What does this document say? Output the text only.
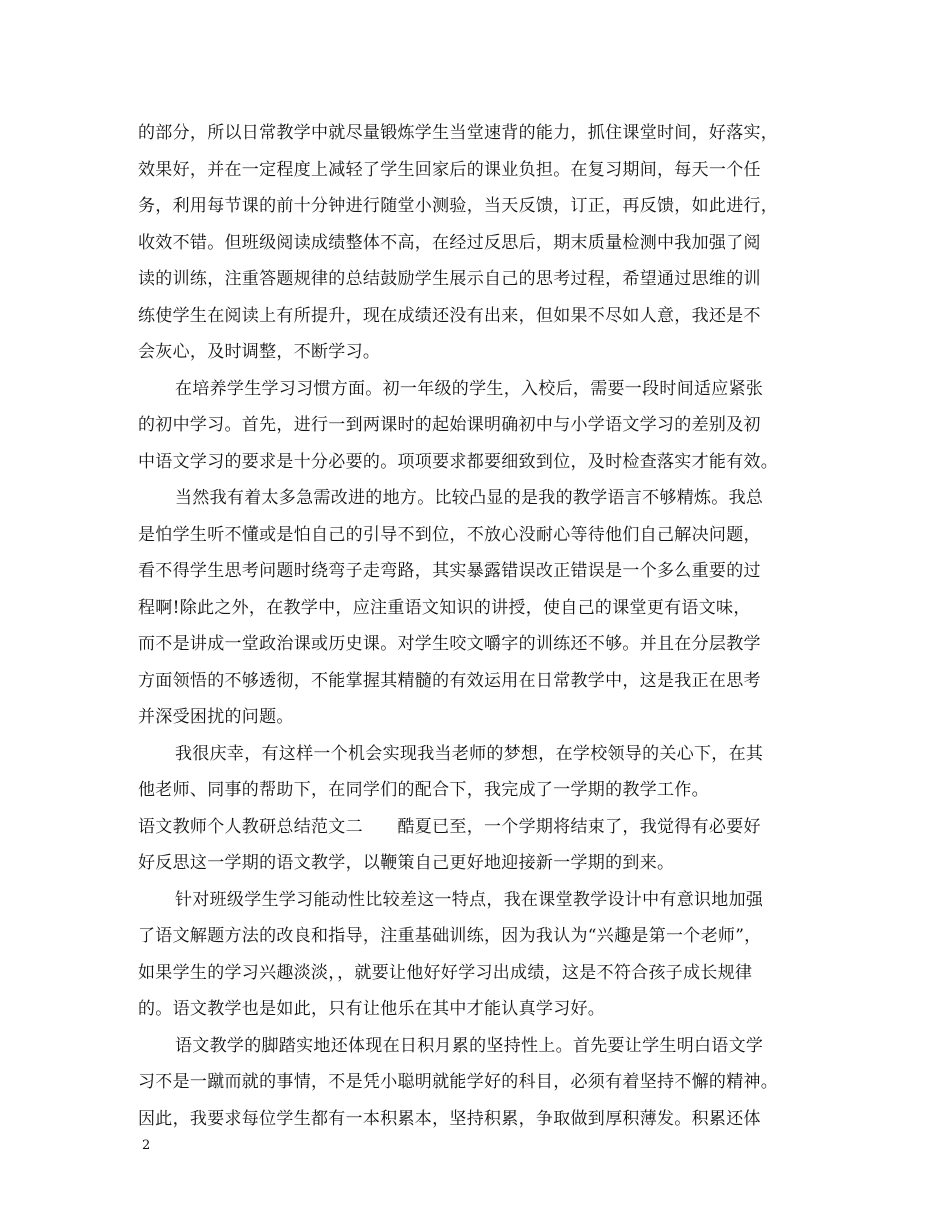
的部分，所以日常教学中就尽量锻炼学生当堂速背的能力，抓住课堂时间，好落实，
效果好，并在一定程度上减轻了学生回家后的课业负担。在复习期间，每天一个任
务，利用每节课的前十分钟进行随堂小测验，当天反馈，订正，再反馈，如此进行，
收效不错。但班级阅读成绩整体不高，在经过反思后，期末质量检测中我加强了阅
读的训练，注重答题规律的总结鼓励学生展示自己的思考过程，希望通过思维的训
练使学生在阅读上有所提升，现在成绩还没有出来，但如果不尽如人意，我还是不
会灰心，及时调整，不断学习。
在培养学生学习习惯方面。初一年级的学生，入校后，需要一段时间适应紧张
的初中学习。首先，进行一到两课时的起始课明确初中与小学语文学习的差别及初
中语文学习的要求是十分必要的。项项要求都要细致到位，及时检查落实才能有效。
当然我有着太多急需改进的地方。比较凸显的是我的教学语言不够精炼。我总
是怕学生听不懂或是怕自己的引导不到位，不放心没耐心等待他们自己解决问题，
看不得学生思考问题时绕弯子走弯路，其实暴露错误改正错误是一个多么重要的过
程啊!除此之外，在教学中，应注重语文知识的讲授，使自己的课堂更有语文味，
而不是讲成一堂政治课或历史课。对学生咬文嚼字的训练还不够。并且在分层教学
方面领悟的不够透彻，不能掌握其精髓的有效运用在日常教学中，这是我正在思考
并深受困扰的问题。
我很庆幸，有这样一个机会实现我当老师的梦想，在学校领导的关心下，在其
他老师、同事的帮助下，在同学们的配合下，我完成了一学期的教学工作。
语文教师个人教研总结范文二　　酷夏已至，一个学期将结束了，我觉得有必要好
好反思这一学期的语文教学，以鞭策自己更好地迎接新一学期的到来。
针对班级学生学习能动性比较差这一特点，我在课堂教学设计中有意识地加强
了语文解题方法的改良和指导，注重基础训练，因为我认为“兴趣是第一个老师”，
如果学生的学习兴趣淡淡，，就要让他好好学习出成绩，这是不符合孩子成长规律
的。语文教学也是如此，只有让他乐在其中才能认真学习好。
语文教学的脚踏实地还体现在日积月累的坚持性上。首先要让学生明白语文学
习不是一蹴而就的事情，不是凭小聪明就能学好的科目，必须有着坚持不懈的精神。
因此，我要求每位学生都有一本积累本，坚持积累，争取做到厚积薄发。积累还体
2
